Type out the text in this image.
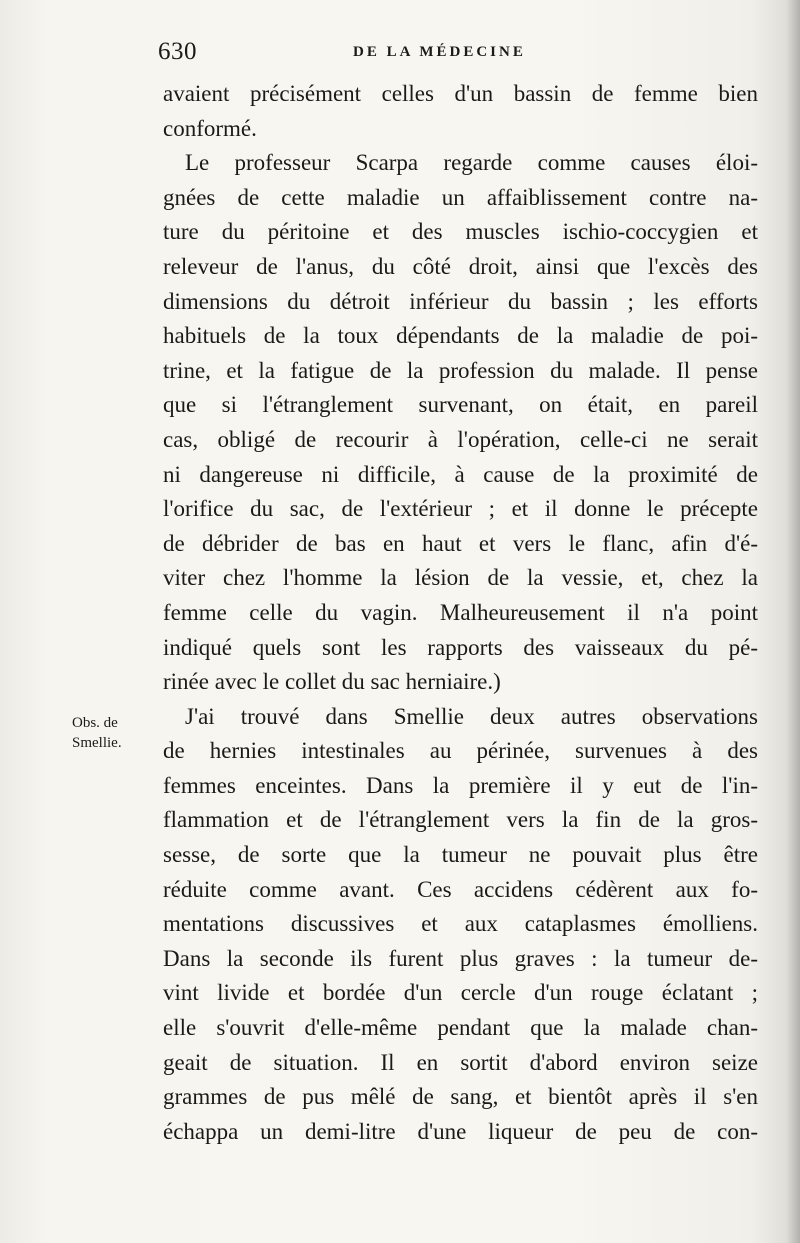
630	DE LA MÉDECINE
Obs. de
Smellie.
avaient précisément celles d'un bassin de femme bien
conformé.
Le professeur Scarpa regarde comme causes éloi-
gnées de cette maladie un affaiblissement contre na-
ture du péritoine et des muscles ischio-coccygien et
releveur de l'anus, du côté droit, ainsi que l'excès des
dimensions du détroit inférieur du bassin ; les efforts
habituels de la toux dépendants de la maladie de poi-
trine, et la fatigue de la profession du malade. Il pense
que si l'étranglement survenant, on était, en pareil
cas, obligé de recourir à l'opération, celle-ci ne serait
ni dangereuse ni difficile, à cause de la proximité de
l'orifice du sac, de l'extérieur ; et il donne le précepte
de débrider de bas en haut et vers le flanc, afin d'é-
viter chez l'homme la lésion de la vessie, et, chez la
femme celle du vagin. Malheureusement il n'a point
indiqué quels sont les rapports des vaisseaux du pé-
rinée avec le collet du sac herniaire.)
J'ai trouvé dans Smellie deux autres observations
de hernies intestinales au périnée, survenues à des
femmes enceintes. Dans la première il y eut de l'in-
flammation et de l'étranglement vers la fin de la gros-
sesse, de sorte que la tumeur ne pouvait plus être
réduite comme avant. Ces accidens cédèrent aux fo-
mentations discussives et aux cataplasmes émolliens.
Dans la seconde ils furent plus graves : la tumeur de-
vint livide et bordée d'un cercle d'un rouge éclatant ;
elle s'ouvrit d'elle-même pendant que la malade chan-
geait de situation. Il en sortit d'abord environ seize
grammes de pus mêlé de sang, et bientôt après il s'en
échappa un demi-litre d'une liqueur de peu de con-
